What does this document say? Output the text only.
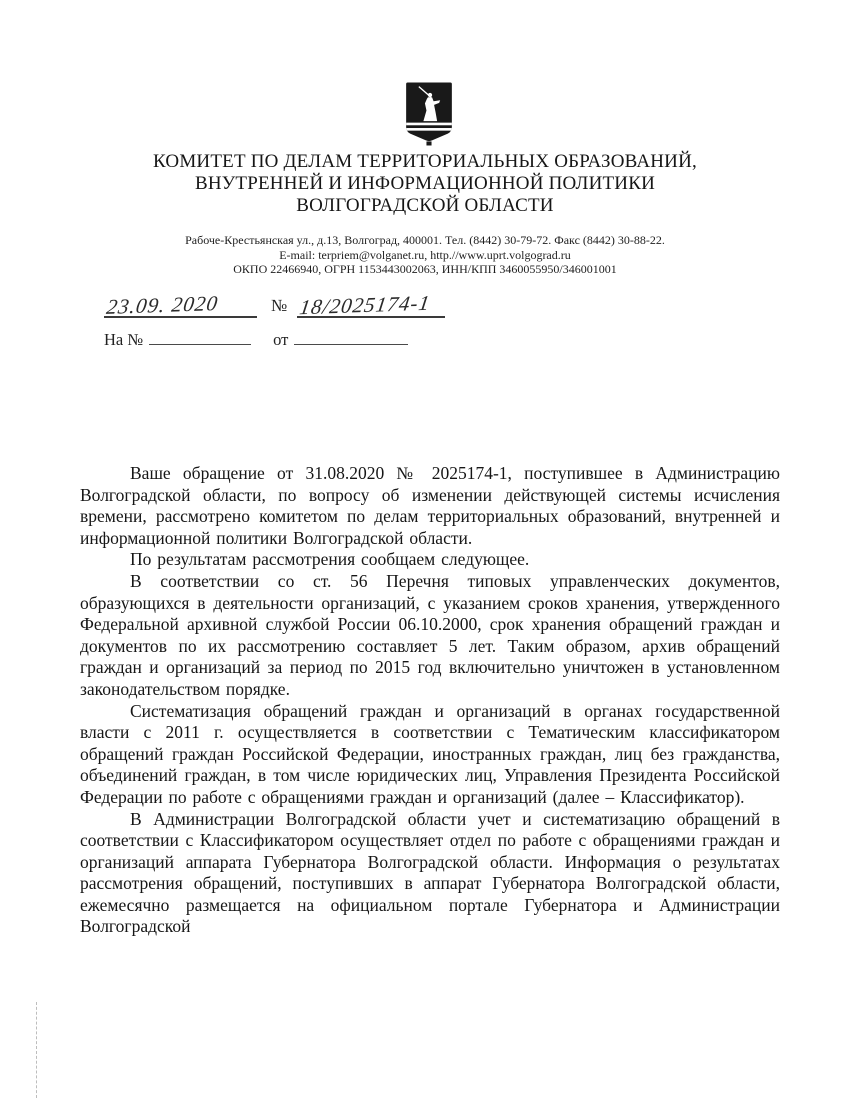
КОМИТЕТ ПО ДЕЛАМ ТЕРРИТОРИАЛЬНЫХ ОБРАЗОВАНИЙ,
ВНУТРЕННЕЙ И ИНФОРМАЦИОННОЙ ПОЛИТИКИ
ВОЛГОГРАДСКОЙ ОБЛАСТИ
Рабоче-Крестьянская ул., д.13, Волгоград, 400001. Тел. (8442) 30-79-72. Факс (8442) 30-88-22.
E-mail: terpriem@volganet.ru, http.//www.uprt.volgograd.ru
ОКПО 22466940, ОГРН 1153443002063, ИНН/КПП 3460055950/346001001
23.09. 2020	№ 18/2025174-1
На №	от

Ваше обращение от 31.08.2020 № 2025174-1, поступившее в Администрацию Волгоградской области, по вопросу об изменении действующей системы исчисления времени, рассмотрено комитетом по делам территориальных образований, внутренней и информационной политики Волгоградской области.

По результатам рассмотрения сообщаем следующее.

В соответствии со ст. 56 Перечня типовых управленческих документов, образующихся в деятельности организаций, с указанием сроков хранения, утвержденного Федеральной архивной службой России 06.10.2000, срок хранения обращений граждан и документов по их рассмотрению составляет 5 лет. Таким образом, архив обращений граждан и организаций за период по 2015 год включительно уничтожен в установленном законодательством порядке.

Систематизация обращений граждан и организаций в органах государственной власти с 2011 г. осуществляется в соответствии с Тематическим классификатором обращений граждан Российской Федерации, иностранных граждан, лиц без гражданства, объединений граждан, в том числе юридических лиц, Управления Президента Российской Федерации по работе с обращениями граждан и организаций (далее – Классификатор).

В Администрации Волгоградской области учет и систематизацию обращений в соответствии с Классификатором осуществляет отдел по работе с обращениями граждан и организаций аппарата Губернатора Волгоградской области. Информация о результатах рассмотрения обращений, поступивших в аппарат Губернатора Волгоградской области, ежемесячно размещается на официальном портале Губернатора и Администрации Волгоградской
